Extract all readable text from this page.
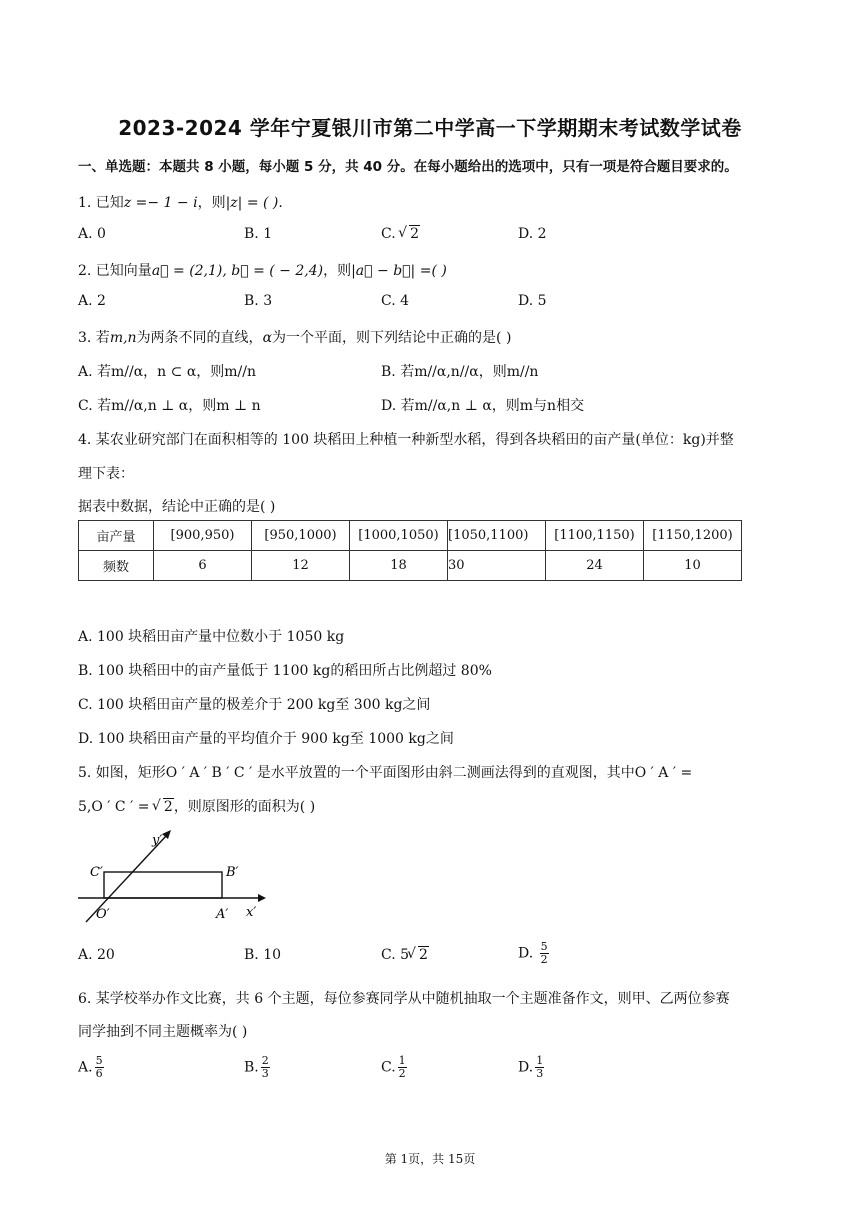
2023-2024 学年宁夏银川市第二中学高一下学期期末考试数学试卷
一、单选题：本题共 8 小题，每小题 5 分，共 40 分。在每小题给出的选项中，只有一项是符合题目要求的。
1. 已知z =− 1 − i，则|z| = ( ).
A. 0	B. 1	C. √ 2	D. 2
2. 已知向量a⃗ = (2,1), b⃗ = ( − 2,4)，则|a⃗ − b⃗| =( )
A. 2	B. 3	C. 4	D. 5
3. 若m,n为两条不同的直线，α为一个平面，则下列结论中正确的是( )
A. 若m//α，n ⊂ α，则m//n	B. 若m//α,n//α，则m//n
C. 若m//α,n ⊥ α，则m ⊥ n	D. 若m//α,n ⊥ α，则m与n相交
4. 某农业研究部门在面积相等的 100 块稻田上种植一种新型水稻，得到各块稻田的亩产量(单位：kg)并整
理下表：
据表中数据，结论中正确的是( )
亩产量	[900,950)	[950,1000)	[1000,1050)	[1050,1100)	[1100,1150)	[1150,1200)
频数	6	12	18	30	24	10
A. 100 块稻田亩产量中位数小于 1050 kg
B. 100 块稻田中的亩产量低于 1100 kg的稻田所占比例超过 80%
C. 100 块稻田亩产量的极差介于 200 kg至 300 kg之间
D. 100 块稻田亩产量的平均值介于 900 kg至 1000 kg之间
5. 如图，矩形O ′ A ′ B ′ C ′ 是水平放置的一个平面图形由斜二测画法得到的直观图，其中O ′ A ′ =
5,O ′ C ′ = √ 2，则原图形的面积为( )
y′
C′	B′
O′	A′ x′
A. 20	B. 10	C. 5 √ 2	D. $\frac{5}{2}$
6. 某学校举办作文比赛，共 6 个主题，每位参赛同学从中随机抽取一个主题准备作文，则甲、乙两位参赛
同学抽到不同主题概率为( )
A. $\frac{5}{6}$	B. $\frac{2}{3}$	C. $\frac{1}{2}$	D. $\frac{1}{3}$
第 1页，共 15页
